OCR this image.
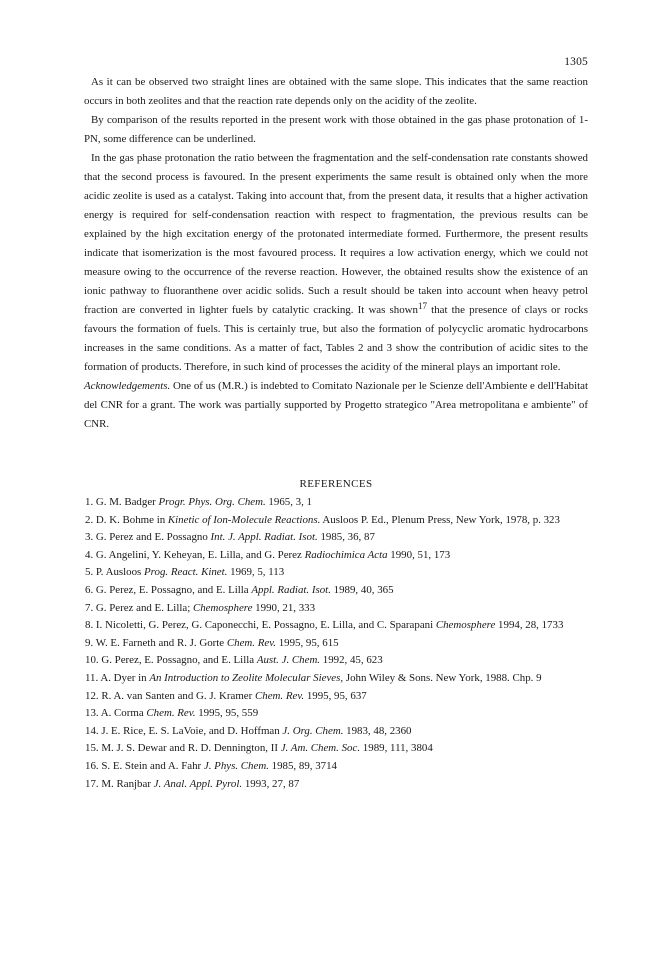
1305

As it can be observed two straight lines are obtained with the same slope. This indicates that the same reaction occurs in both zeolites and that the reaction rate depends only on the acidity of the zeolite.

By comparison of the results reported in the present work with those obtained in the gas phase protonation of 1-PN, some difference can be underlined.

In the gas phase protonation the ratio between the fragmentation and the self-condensation rate constants showed that the second process is favoured. In the present experiments the same result is obtained only when the more acidic zeolite is used as a catalyst. Taking into account that, from the present data, it results that a higher activation energy is required for self-condensation reaction with respect to fragmentation, the previous results can be explained by the high excitation energy of the protonated intermediate formed. Furthermore, the present results indicate that isomerization is the most favoured process. It requires a low activation energy, which we could not measure owing to the occurrence of the reverse reaction. However, the obtained results show the existence of an ionic pathway to fluoranthene over acidic solids. Such a result should be taken into account when heavy petrol fraction are converted in lighter fuels by catalytic cracking. It was shown$^{17}$ that the presence of clays or rocks favours the formation of fuels. This is certainly true, but also the formation of polycyclic aromatic hydrocarbons increases in the same conditions. As a matter of fact, Tables 2 and 3 show the contribution of acidic sites to the formation of products. Therefore, in such kind of processes the acidity of the mineral plays an important role.

Acknowledgements. One of us (M.R.) is indebted to Comitato Nazionale per le Scienze dell'Ambiente e dell'Habitat del CNR for a grant. The work was partially supported by Progetto strategico "Area metropolitana e ambiente" of CNR.

REFERENCES
1. G. M. Badger Progr. Phys. Org. Chem. 1965, 3, 1
2. D. K. Bohme in Kinetic of Ion-Molecule Reactions. Ausloos P. Ed., Plenum Press, New York, 1978, p. 323
3. G. Perez and E. Possagno Int. J. Appl. Radiat. Isot. 1985, 36, 87
4. G. Angelini, Y. Keheyan, E. Lilla, and G. Perez Radiochimica Acta 1990, 51, 173
5. P. Ausloos Prog. React. Kinet. 1969, 5, 113
6. G. Perez, E. Possagno, and E. Lilla Appl. Radiat. Isot. 1989, 40, 365
7. G. Perez and E. Lilla; Chemosphere 1990, 21, 333
8. I. Nicoletti, G. Perez, G. Caponecchi, E. Possagno, E. Lilla, and C. Sparapani Chemosphere 1994, 28, 1733
9. W. E. Farneth and R. J. Gorte Chem. Rev. 1995, 95, 615
10. G. Perez, E. Possagno, and E. Lilla Aust. J. Chem. 1992, 45, 623
11. A. Dyer in An Introduction to Zeolite Molecular Sieves, John Wiley & Sons. New York, 1988. Chp. 9
12. R. A. van Santen and G. J. Kramer Chem. Rev. 1995, 95, 637
13. A. Corma Chem. Rev. 1995, 95, 559
14. J. E. Rice, E. S. LaVoie, and D. Hoffman J. Org. Chem. 1983, 48, 2360
15. M. J. S. Dewar and R. D. Dennington, II J. Am. Chem. Soc. 1989, 111, 3804
16. S. E. Stein and A. Fahr J. Phys. Chem. 1985, 89, 3714
17. M. Ranjbar J. Anal. Appl. Pyrol. 1993, 27, 87
